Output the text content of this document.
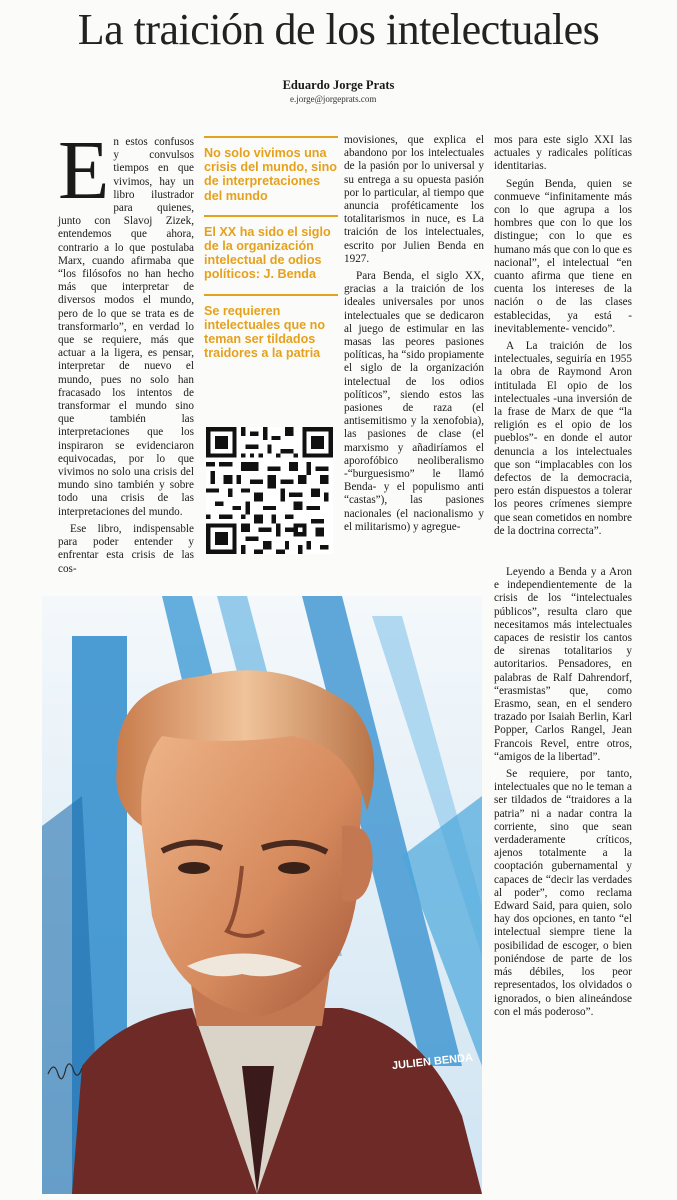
La traición de los intelectuales
Eduardo Jorge Prats
e.jorge@jorgeprats.com

En estos confusos y convulsos tiempos en que vivimos, hay un libro ilustrador para quienes, junto con Slavoj Zizek, entendemos que ahora, contrario a lo que postulaba Marx, cuando afirmaba que “los filósofos no han hecho más que interpretar de diversos modos el mundo, pero de lo que se trata es de transformarlo”, en verdad lo que se requiere, más que actuar a la ligera, es pensar, interpretar de nuevo el mundo, pues no solo han fracasado los intentos de transformar el mundo sino que también las interpretaciones que los inspiraron se evidenciaron equivocadas, por lo que vivimos no solo una crisis del mundo sino también y sobre todo una crisis de las interpretaciones del mundo.

Ese libro, indispensable para poder entender y enfrentar esta crisis de las cos-

No solo vivimos una crisis del mundo, sino de interpretaciones del mundo
El XX ha sido el siglo de la organización intelectual de odios políticos: J. Benda
Se requieren intelectuales que no teman ser tildados traidores a la patria

movisiones, que explica el abandono por los intelectuales de la pasión por lo universal y su entrega a su opuesta pasión por lo particular, al tiempo que anuncia proféticamente los totalitarismos in nuce, es La traición de los intelectuales, escrito por Julien Benda en 1927.

Para Benda, el siglo XX, gracias a la traición de los ideales universales por unos intelectuales que se dedicaron al juego de estimular en las masas las peores pasiones políticas, ha “sido propiamente el siglo de la organización intelectual de los odios políticos”, siendo estos las pasiones de raza (el antisemitismo y la xenofobia), las pasiones de clase (el marxismo y añadiríamos el aporofóbico neoliberalismo -“burguesismo” le llamó Benda- y el populismo anti “castas”), las pasiones nacionales (el nacionalismo y el militarismo) y agregue-

mos para este siglo XXI las actuales y radicales políticas identitarias.

Según Benda, quien se conmueve “infinitamente más con lo que agrupa a los hombres que con lo que los distingue; con lo que es humano más que con lo que es nacional”, el intelectual “en cuanto afirma que tiene en cuenta los intereses de la nación o de las clases establecidas, ya está -inevitablemente- vencido”.

A La traición de los intelectuales, seguiría en 1955 la obra de Raymond Aron intitulada El opio de los intelectuales -una inversión de la frase de Marx de que “la religión es el opio de los pueblos”- en donde el autor denuncia a los intelectuales que son “implacables con los defectos de la democracia, pero están dispuestos a tolerar los peores crímenes siempre que sean cometidos en nombre de la doctrina correcta”.

Leyendo a Benda y a Aron e independientemente de la crisis de los “intelectuales públicos”, resulta claro que necesitamos más intelectuales capaces de resistir los cantos de sirenas totalitarios y autoritarios. Pensadores, en palabras de Ralf Dahrendorf, “erasmistas” que, como Erasmo, sean, en el sendero trazado por Isaiah Berlin, Karl Popper, Carlos Rangel, Jean Francois Revel, entre otros, “amigos de la libertad”.

Se requiere, por tanto, intelectuales que no le teman a ser tildados de “traidores a la patria” ni a nadar contra la corriente, sino que sean verdaderamente críticos, ajenos totalmente a la cooptación gubernamental y capaces de “decir las verdades al poder”, como reclama Edward Said, para quien, solo hay dos opciones, en tanto “el intelectual siempre tiene la posibilidad de escoger, o bien poniéndose de parte de los más débiles, los peor representados, los olvidados o ignorados, o bien alineándose con el más poderoso”.

JULIEN BENDA
